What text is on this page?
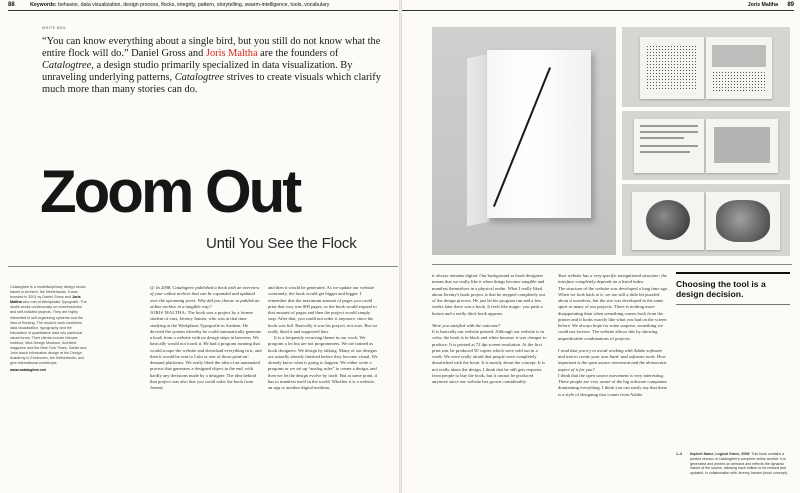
88	Keywords: behavior, data visualization, design process, flocks, integrity, pattern, storytelling, swarm-intelligence, tools, vocabulary	Joris Maltha 89
WHITE BKG
“You can know everything about a single bird, but you still do not know what the entire flock will do.” Daniel Gross and Joris Maltha are the founders of Catalogtree, a design studio primarily specialized in data visualization. By unraveling underlying patterns, Catalogtree strives to create visuals which clarify much more than many stories can do.
Zoom Out
Until You See the Flock
Catalogtree is a multidisciplinary design studio based in Arnhem, the Netherlands. It was founded in 2001 by Daniel Gross and Joris Maltha who met at Werkplaats Typografie. The studio works continuously on commissioned and self-initiated projects. They are highly interested in self-organizing systems and the idea of flocking. The studio's work combines data visualization, typography and the translation of quantitative data into particular visual forms. Their clients include Nieuwe Instituut, Vitra Design Museum, Architect magazine and the New York Times. Daniel and Joris teach information design at the Design Academy in Eindhoven, the Netherlands, and give international workshops.
www.catalogtree.net

Q: In 2008, Catalogtree published a book with an overview of your online archive that can be expanded and updated over the upcoming years. Why did you choose to publish an online archive in a tangible way?

JORIS MALTHA: The book was a project by a former student of ours, Jeremy Jansen, who was at that time studying at the Werkplaats Typografie in Arnhem. He devised the system whereby he could automatically generate a book from a website with no design steps in between. We basically would not touch it. He had a program running that would scrape the website and download everything in it, and then it would be sent to Lulu or one of those print-on-demand platforms. We really liked the idea of an automated process that generates a designed object in the end, with hardly any decisions made by a designer. The idea behind that project was also that you could order the book from Jeremy

and then it would be generated. As we update our website constantly, the book would get bigger and bigger. I remember that the maximum amount of pages you could print that way was 800 pages, so the book would expand to that amount of pages and then the project would simply stop. After that, you could not order it anymore, since the book was full. Basically it was his project, not ours. But we really liked it and supported him.

It is a frequently recurring theme in our work. We program a lot but are not programmers. We are trained as book designers. We design by talking. Many of our designs are actually already finished before they become visual. We already know what is going to happen. We either write a program or we set up “analog rules” to create a design, and then we let the design evolve by itself. But at some point, it has to manifest itself in the world. Whether it is a website, an app or another digital medium,

it always remains digital. Our background as book designers means that we really like it when things become tangible and manifest themselves in a physical realm. What I really liked about Jeremy's book project is that he stepped completely out of the design process. He just let his program run and a few weeks later there was a book. It feels like magic: you push a button and a really thick book appears.

Were you satisfied with the outcome?

It is basically our website printed. Although our website is in color, the book is in black and white because it was cheaper to produce. It is printed at 72 dpi screen resolution. At the first print run, he produced 50 copies which were sold out in a week. We were really afraid that people were completely dissatisfied with the book. It is mostly about the concept. It is not really about the design. I think that he still gets requests from people to buy the book, but it cannot be produced anymore since our website has grown considerably.

Your website has a very specific navigational structure; the interface completely depends on a listed index.

The structure of the website was developed a long time ago. When we look back at it, we are still a little bit puzzled about it ourselves, but the site was developed in the same spirit as many of our projects. There is nothing more disappointing than when something comes back from the printer and it looks exactly like what you had on the screen before. We always hope for some surprise, something we could not foresee. The website allows this by showing unpredictable combinations of projects.

I read that you try to avoid working with Adobe software and aim to create your own hard- and software tools. How important is the open source movement and the democratic aspect of it for you?

I think that the open source movement is very interesting. These people are very aware of the big software companies dominating everything. I think you can easily say that there is a style of designing that comes from Adobe.

Choosing the tool is a design decision.
1–3 Implicit Name, Logical Grave, 2008: This book contains a printed version of Catalogtree's complete online archive. It is generated and printed on demand and reflects the dynamic nature of the source, allowing each edition to be revised and updated. In collaboration with Jeremy Jansen (book concept).
